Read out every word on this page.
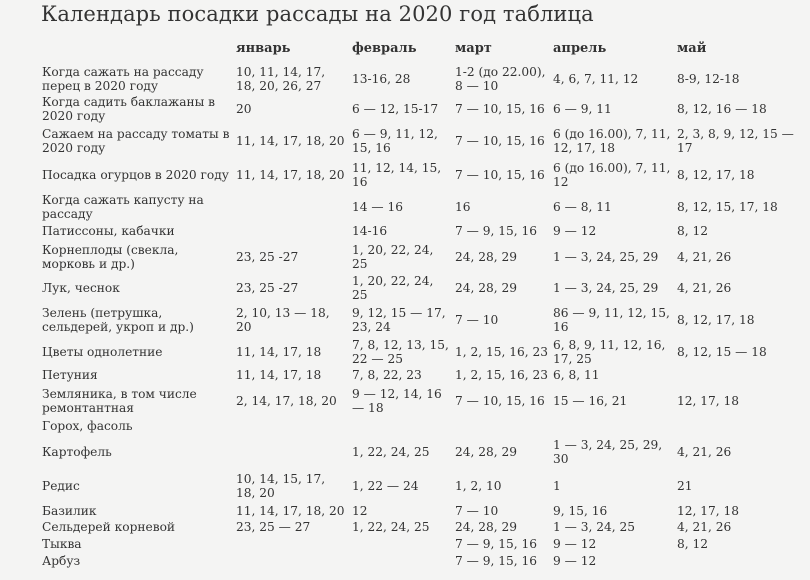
Календарь посадки рассады на 2020 год таблица
	январь	февраль	март	апрель	май
Когда сажать на рассаду перец в 2020 году	10, 11, 14, 17, 18, 20, 26, 27	13-16, 28	1-2 (до 22.00), 8 — 10	4, 6, 7, 11, 12	8-9, 12-18
Когда садить баклажаны в 2020 году	20	6 — 12, 15-17	7 — 10, 15, 16	6 — 9, 11	8, 12, 16 — 18
Сажаем на рассаду томаты в 2020 году	11, 14, 17, 18, 20	6 — 9, 11, 12, 15, 16	7 — 10, 15, 16	6 (до 16.00), 7, 11, 12, 17, 18	2, 3, 8, 9, 12, 15 — 17
Посадка огурцов в 2020 году	11, 14, 17, 18, 20	11, 12, 14, 15, 16	7 — 10, 15, 16	6 (до 16.00), 7, 11, 12	8, 12, 17, 18
Когда сажать капусту на рассаду		14 — 16	16	6 — 8, 11	8, 12, 15, 17, 18
Патиссоны, кабачки		14-16	7 — 9, 15, 16	9 — 12	8, 12
Корнеплоды (свекла, морковь и др.)	23, 25 -27	1, 20, 22, 24, 25	24, 28, 29	1 — 3, 24, 25, 29	4, 21, 26
Лук, чеснок	23, 25 -27	1, 20, 22, 24, 25	24, 28, 29	1 — 3, 24, 25, 29	4, 21, 26
Зелень (петрушка, сельдерей, укроп и др.)	2, 10, 13 — 18, 20	9, 12, 15 — 17, 23, 24	7 — 10	86 — 9, 11, 12, 15, 16	8, 12, 17, 18
Цветы однолетние	11, 14, 17, 18	7, 8, 12, 13, 15, 22 — 25	1, 2, 15, 16, 23	6, 8, 9, 11, 12, 16, 17, 25	8, 12, 15 — 18
Петуния	11, 14, 17, 18	7, 8, 22, 23	1, 2, 15, 16, 23	6, 8, 11	
Земляника, в том числе ремонтантная	2, 14, 17, 18, 20	9 — 12, 14, 16 — 18	7 — 10, 15, 16	15 — 16, 21	12, 17, 18
Горох, фасоль					
Картофель		1, 22, 24, 25	24, 28, 29	1 — 3, 24, 25, 29, 30	4, 21, 26
Редис	10, 14, 15, 17, 18, 20	1, 22 — 24	1, 2, 10	1	21
Базилик	11, 14, 17, 18, 20	12	7 — 10	9, 15, 16	12, 17, 18
Сельдерей корневой	23, 25 — 27	1, 22, 24, 25	24, 28, 29	1 — 3, 24, 25	4, 21, 26
Тыква			7 — 9, 15, 16	9 — 12	8, 12
Арбуз			7 — 9, 15, 16	9 — 12	
